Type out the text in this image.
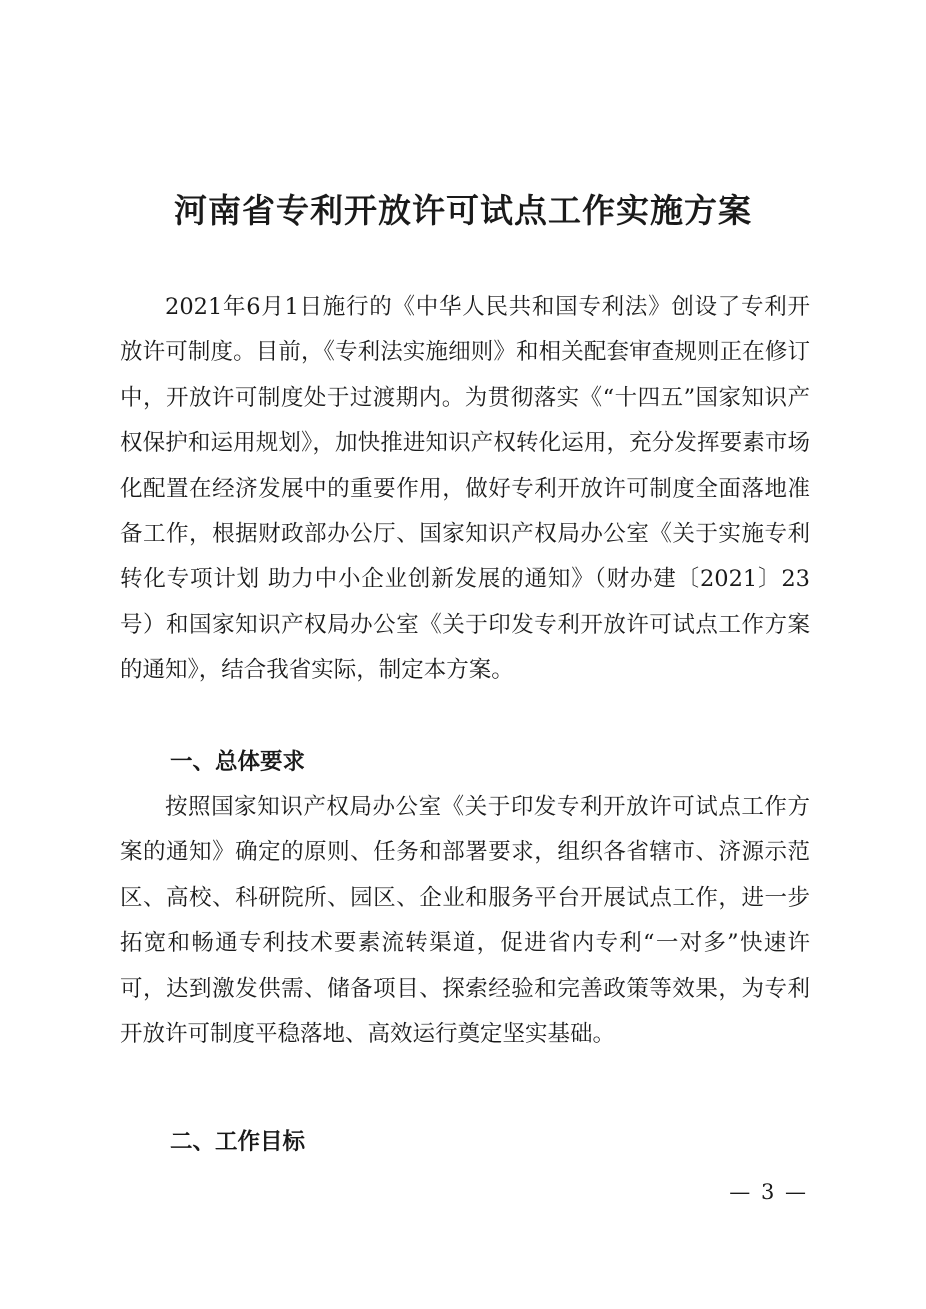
河南省专利开放许可试点工作实施方案

2021年6月1日施行的《中华人民共和国专利法》创设了专利开放许可制度。目前，《专利法实施细则》和相关配套审查规则正在修订中，开放许可制度处于过渡期内。为贯彻落实《“十四五”国家知识产权保护和运用规划》，加快推进知识产权转化运用，充分发挥要素市场化配置在经济发展中的重要作用，做好专利开放许可制度全面落地准备工作，根据财政部办公厅、国家知识产权局办公室《关于实施专利转化专项计划 助力中小企业创新发展的通知》（财办建〔2021〕23号）和国家知识产权局办公室《关于印发专利开放许可试点工作方案的通知》，结合我省实际，制定本方案。

一、总体要求

按照国家知识产权局办公室《关于印发专利开放许可试点工作方案的通知》确定的原则、任务和部署要求，组织各省辖市、济源示范区、高校、科研院所、园区、企业和服务平台开展试点工作，进一步拓宽和畅通专利技术要素流转渠道，促进省内专利“一对多”快速许可，达到激发供需、储备项目、探索经验和完善政策等效果，为专利开放许可制度平稳落地、高效运行奠定坚实基础。

二、工作目标
— 3 —
